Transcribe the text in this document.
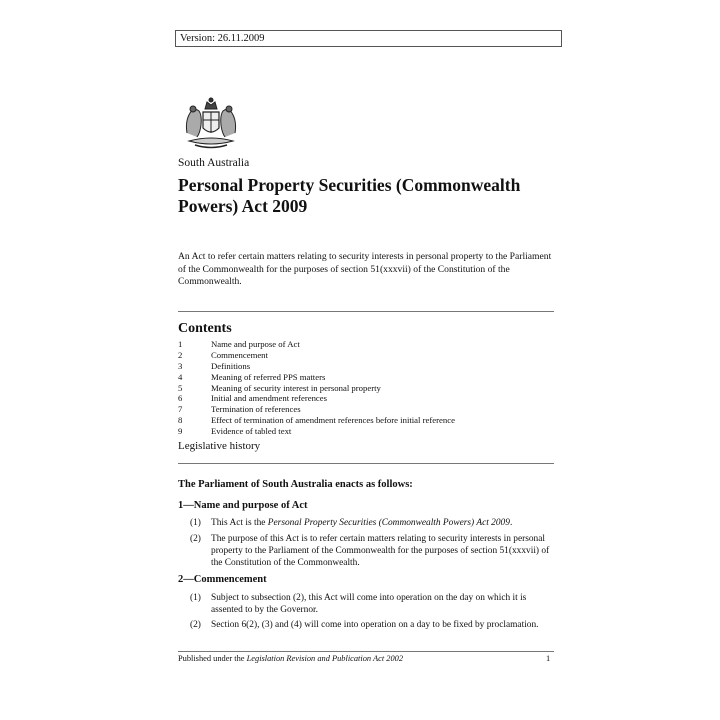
Version: 26.11.2009
South Australia
Personal Property Securities (Commonwealth Powers) Act 2009

An Act to refer certain matters relating to security interests in personal property to the Parliament of the Commonwealth for the purposes of section 51(xxxvii) of the Constitution of the Commonwealth.

Contents
1	Name and purpose of Act
2	Commencement
3	Definitions
4	Meaning of referred PPS matters
5	Meaning of security interest in personal property
6	Initial and amendment references
7	Termination of references
8	Effect of termination of amendment references before initial reference
9	Evidence of tabled text
Legislative history
The Parliament of South Australia enacts as follows:
1—Name and purpose of Act
(1) This Act is the Personal Property Securities (Commonwealth Powers) Act 2009.
(2) The purpose of this Act is to refer certain matters relating to security interests in personal property to the Parliament of the Commonwealth for the purposes of section 51(xxxvii) of the Constitution of the Commonwealth.
2—Commencement
(1) Subject to subsection (2), this Act will come into operation on the day on which it is assented to by the Governor.
(2) Section 6(2), (3) and (4) will come into operation on a day to be fixed by proclamation.
Published under the Legislation Revision and Publication Act 2002	1
